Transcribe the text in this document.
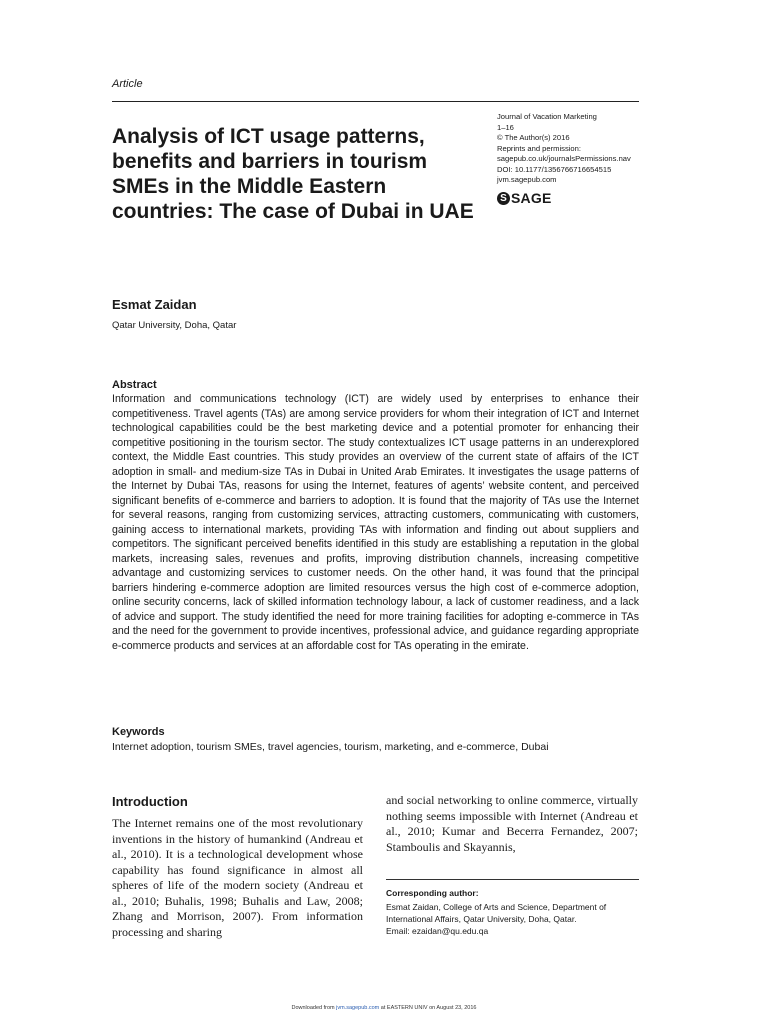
Article
Analysis of ICT usage patterns, benefits and barriers in tourism SMEs in the Middle Eastern countries: The case of Dubai in UAE
Journal of Vacation Marketing
1–16
© The Author(s) 2016
Reprints and permission:
sagepub.co.uk/journalsPermissions.nav
DOI: 10.1177/1356766716654515
jvm.sagepub.com
S SAGE
Esmat Zaidan
Qatar University, Doha, Qatar
Abstract

Information and communications technology (ICT) are widely used by enterprises to enhance their competitiveness. Travel agents (TAs) are among service providers for whom their integration of ICT and Internet technological capabilities could be the best marketing device and a potential promoter for enhancing their competitive positioning in the tourism sector. The study contextualizes ICT usage patterns in an underexplored context, the Middle East countries. This study provides an overview of the current state of affairs of the ICT adoption in small- and medium-size TAs in Dubai in United Arab Emirates. It investigates the usage patterns of the Internet by Dubai TAs, reasons for using the Internet, features of agents’ website content, and perceived significant benefits of e-commerce and barriers to adoption. It is found that the majority of TAs use the Internet for several reasons, ranging from customizing services, attracting customers, communicating with customers, gaining access to international markets, providing TAs with information and finding out about suppliers and competitors. The significant perceived benefits identified in this study are establishing a reputation in the global markets, increasing sales, revenues and profits, improving distribution channels, increasing competitive advantage and customizing services to customer needs. On the other hand, it was found that the principal barriers hindering e-commerce adoption are limited resources versus the high cost of e-commerce adoption, online security concerns, lack of skilled information technology labour, a lack of customer readiness, and a lack of advice and support. The study identified the need for more training facilities for adopting e-commerce in TAs and the need for the government to provide incentives, professional advice, and guidance regarding appropriate e-commerce products and services at an affordable cost for TAs operating in the emirate.

Keywords
Internet adoption, tourism SMEs, travel agencies, tourism, marketing, and e-commerce, Dubai
Introduction

The Internet remains one of the most revolutionary inventions in the history of humankind (Andreau et al., 2010). It is a technological development whose capability has found significance in almost all spheres of life of the modern society (Andreau et al., 2010; Buhalis, 1998; Buhalis and Law, 2008; Zhang and Morrison, 2007). From information processing and sharing

and social networking to online commerce, virtually nothing seems impossible with Internet (Andreau et al., 2010; Kumar and Becerra Fernandez, 2007; Stamboulis and Skayannis,

Corresponding author:
Esmat Zaidan, College of Arts and Science, Department of
International Affairs, Qatar University, Doha, Qatar.
Email: ezaidan@qu.edu.qa
Downloaded from jvm.sagepub.com at EASTERN UNIV on August 23, 2016
